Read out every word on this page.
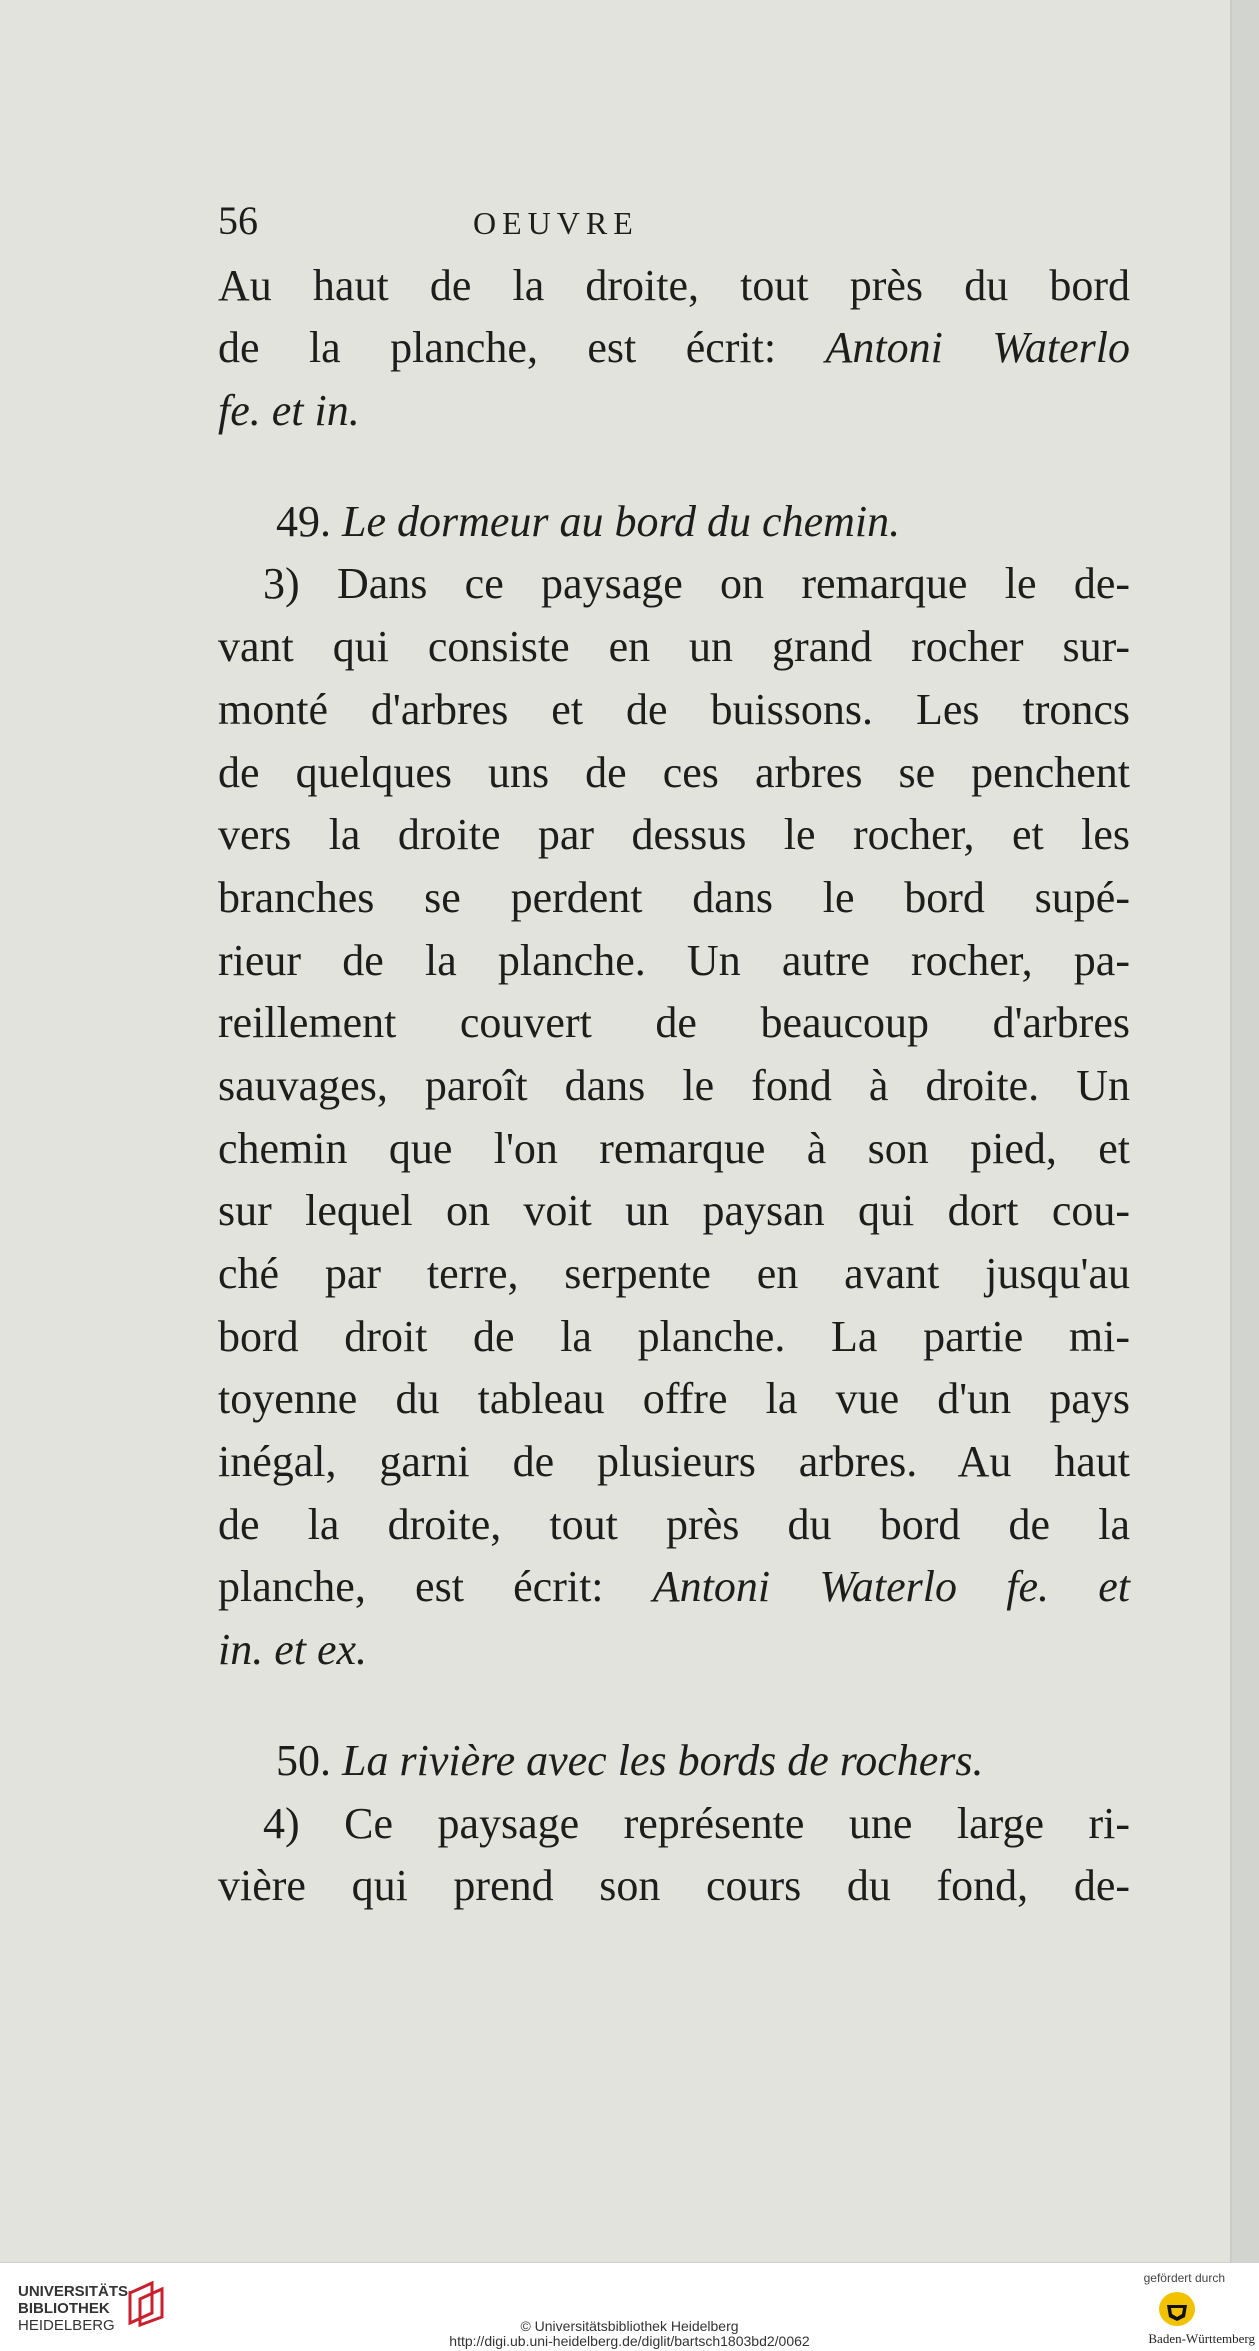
56	OEUVRE
Au haut de la droite, tout près du bord
de la planche, est écrit: Antoni Waterlo
fe. et in.
49. Le dormeur au bord du chemin.
3) Dans ce paysage on remarque le de-
vant qui consiste en un grand rocher sur-
monté d'arbres et de buissons. Les troncs
de quelques uns de ces arbres se penchent
vers la droite par dessus le rocher, et les
branches se perdent dans le bord supé-
rieur de la planche. Un autre rocher, pa-
reillement couvert de beaucoup d'arbres
sauvages, paroît dans le fond à droite. Un
chemin que l'on remarque à son pied, et
sur lequel on voit un paysan qui dort cou-
ché par terre, serpente en avant jusqu'au
bord droit de la planche. La partie mi-
toyenne du tableau offre la vue d'un pays
inégal, garni de plusieurs arbres. Au haut
de la droite, tout près du bord de la
planche, est écrit: Antoni Waterlo fe. et
in. et ex.
50. La rivière avec les bords de rochers.
4) Ce paysage représente une large ri-
vière qui prend son cours du fond, de-
UNIVERSITÄTS-
BIBLIOTHEK
HEIDELBERG	© Universitätsbibliothek Heidelberg
http://digi.ub.uni-heidelberg.de/diglit/bartsch1803bd2/0062
gefördert durch
Baden-Württemberg
